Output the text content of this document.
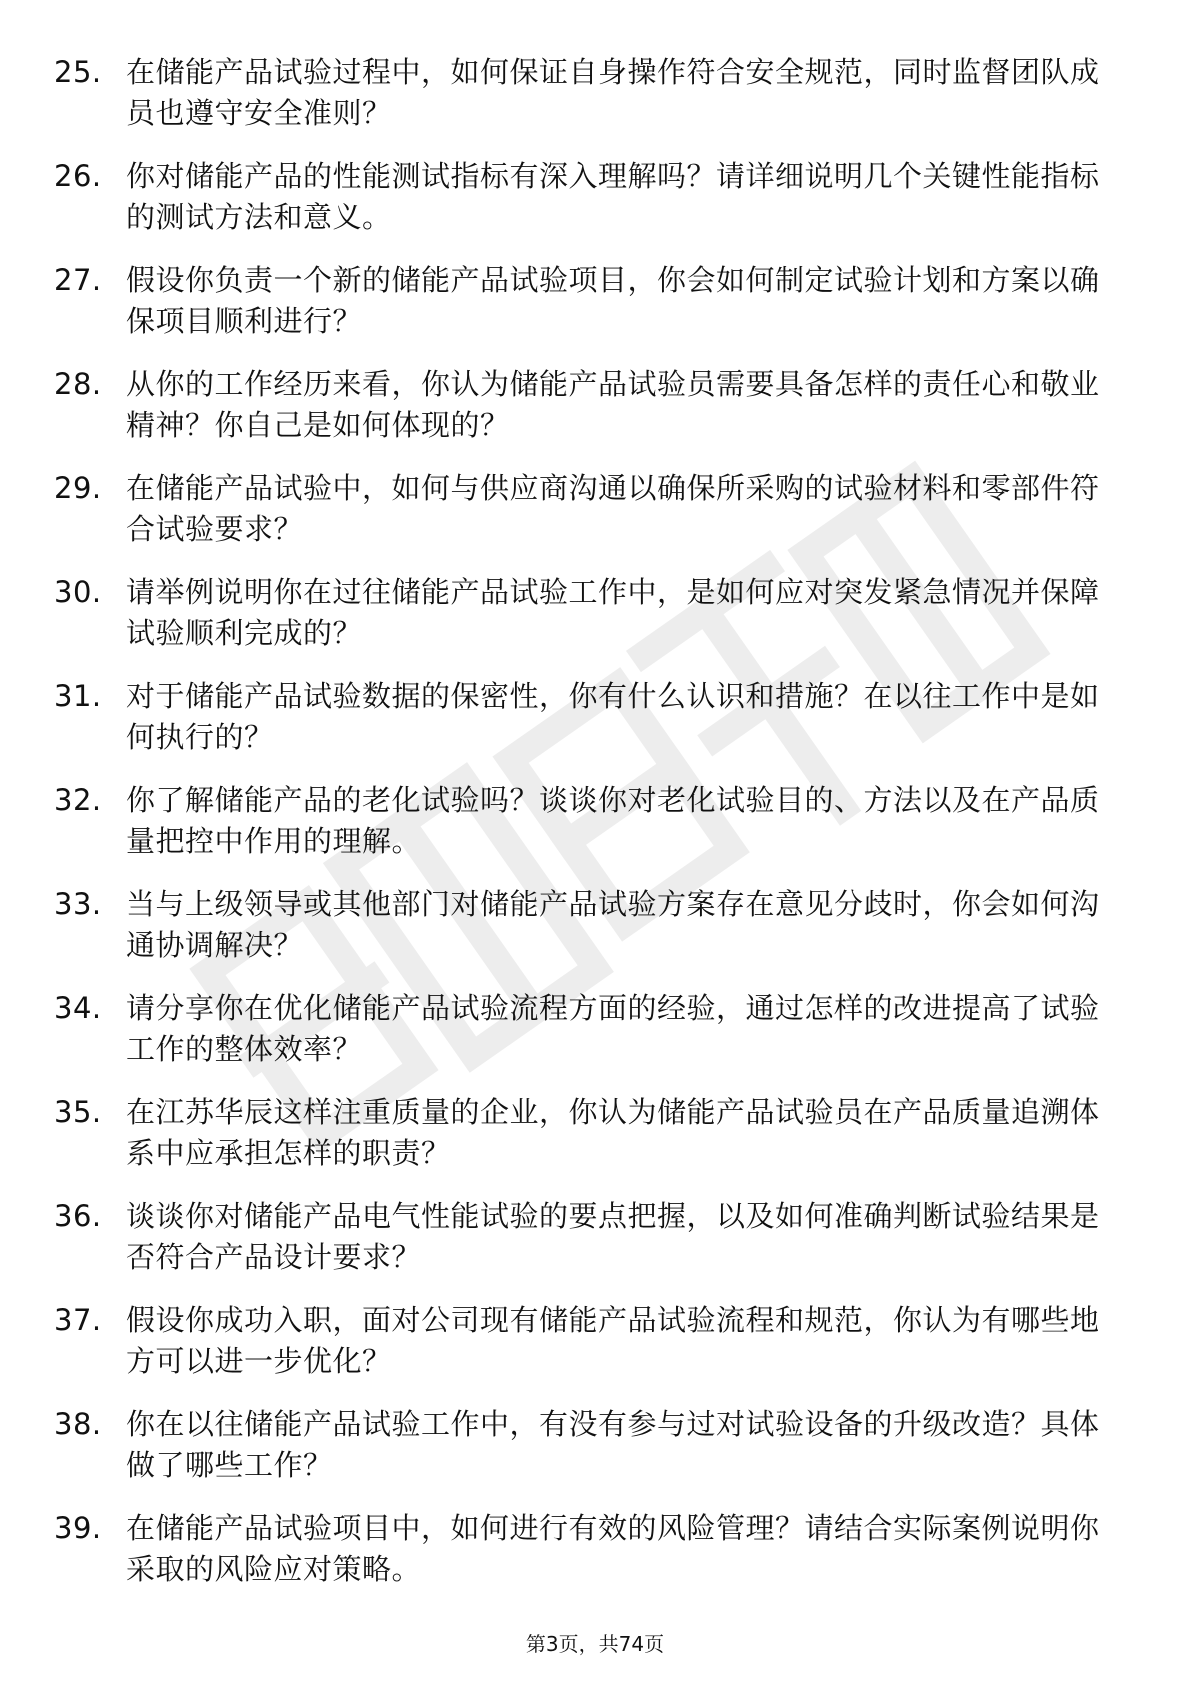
25. 在储能产品试验过程中，如何保证自身操作符合安全规范，同时监督团队成员也遵守安全准则？
26. 你对储能产品的性能测试指标有深入理解吗？请详细说明几个关键性能指标的测试方法和意义。
27. 假设你负责一个新的储能产品试验项目，你会如何制定试验计划和方案以确保项目顺利进行？
28. 从你的工作经历来看，你认为储能产品试验员需要具备怎样的责任心和敬业精神？你自己是如何体现的？
29. 在储能产品试验中，如何与供应商沟通以确保所采购的试验材料和零部件符合试验要求？
30. 请举例说明你在过往储能产品试验工作中，是如何应对突发紧急情况并保障试验顺利完成的？
31. 对于储能产品试验数据的保密性，你有什么认识和措施？在以往工作中是如何执行的？
32. 你了解储能产品的老化试验吗？谈谈你对老化试验目的、方法以及在产品质量把控中作用的理解。
33. 当与上级领导或其他部门对储能产品试验方案存在意见分歧时，你会如何沟通协调解决？
34. 请分享你在优化储能产品试验流程方面的经验，通过怎样的改进提高了试验工作的整体效率？
35. 在江苏华辰这样注重质量的企业，你认为储能产品试验员在产品质量追溯体系中应承担怎样的职责？
36. 谈谈你对储能产品电气性能试验的要点把握，以及如何准确判断试验结果是否符合产品设计要求？
37. 假设你成功入职，面对公司现有储能产品试验流程和规范，你认为有哪些地方可以进一步优化？
38. 你在以往储能产品试验工作中，有没有参与过对试验设备的升级改造？具体做了哪些工作？
39. 在储能产品试验项目中，如何进行有效的风险管理？请结合实际案例说明你采取的风险应对策略。
第3页，共74页
